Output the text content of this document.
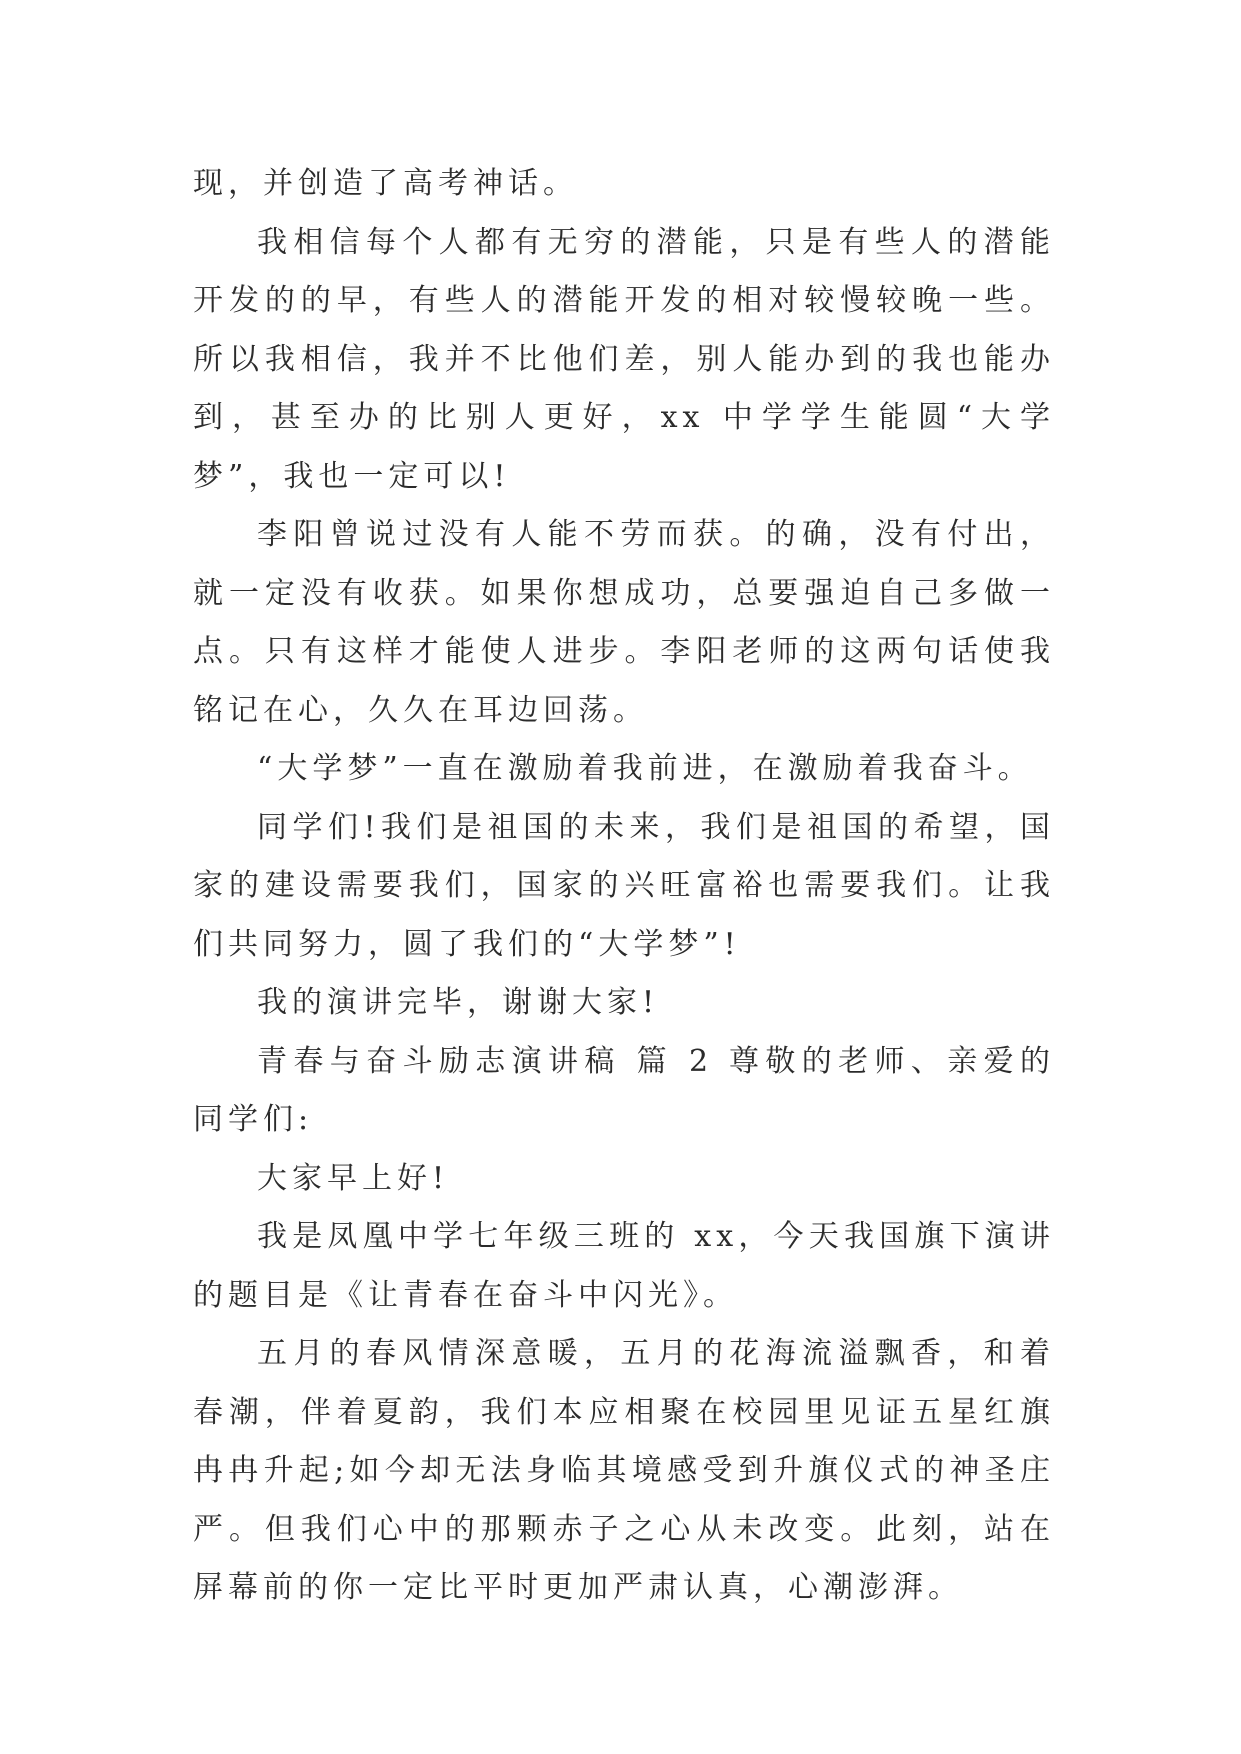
现，并创造了高考神话。

我相信每个人都有无穷的潜能，只是有些人的潜能开发的的早，有些人的潜能开发的相对较慢较晚一些。所以我相信，我并不比他们差，别人能办到的我也能办到，甚至办的比别人更好，xx 中学学生能圆“大学梦”，我也一定可以!

李阳曾说过没有人能不劳而获。的确，没有付出，就一定没有收获。如果你想成功，总要强迫自己多做一点。只有这样才能使人进步。李阳老师的这两句话使我铭记在心，久久在耳边回荡。

“大学梦”一直在激励着我前进，在激励着我奋斗。

同学们!我们是祖国的未来，我们是祖国的希望，国家的建设需要我们，国家的兴旺富裕也需要我们。让我们共同努力，圆了我们的“大学梦”!

我的演讲完毕，谢谢大家!

青春与奋斗励志演讲稿 篇 2 尊敬的老师、亲爱的同学们:

大家早上好!

我是凤凰中学七年级三班的 xx，今天我国旗下演讲的题目是《让青春在奋斗中闪光》。

五月的春风情深意暖，五月的花海流溢飘香，和着春潮，伴着夏韵，我们本应相聚在校园里见证五星红旗冉冉升起;如今却无法身临其境感受到升旗仪式的神圣庄严。但我们心中的那颗赤子之心从未改变。此刻，站在屏幕前的你一定比平时更加严肃认真，心潮澎湃。
